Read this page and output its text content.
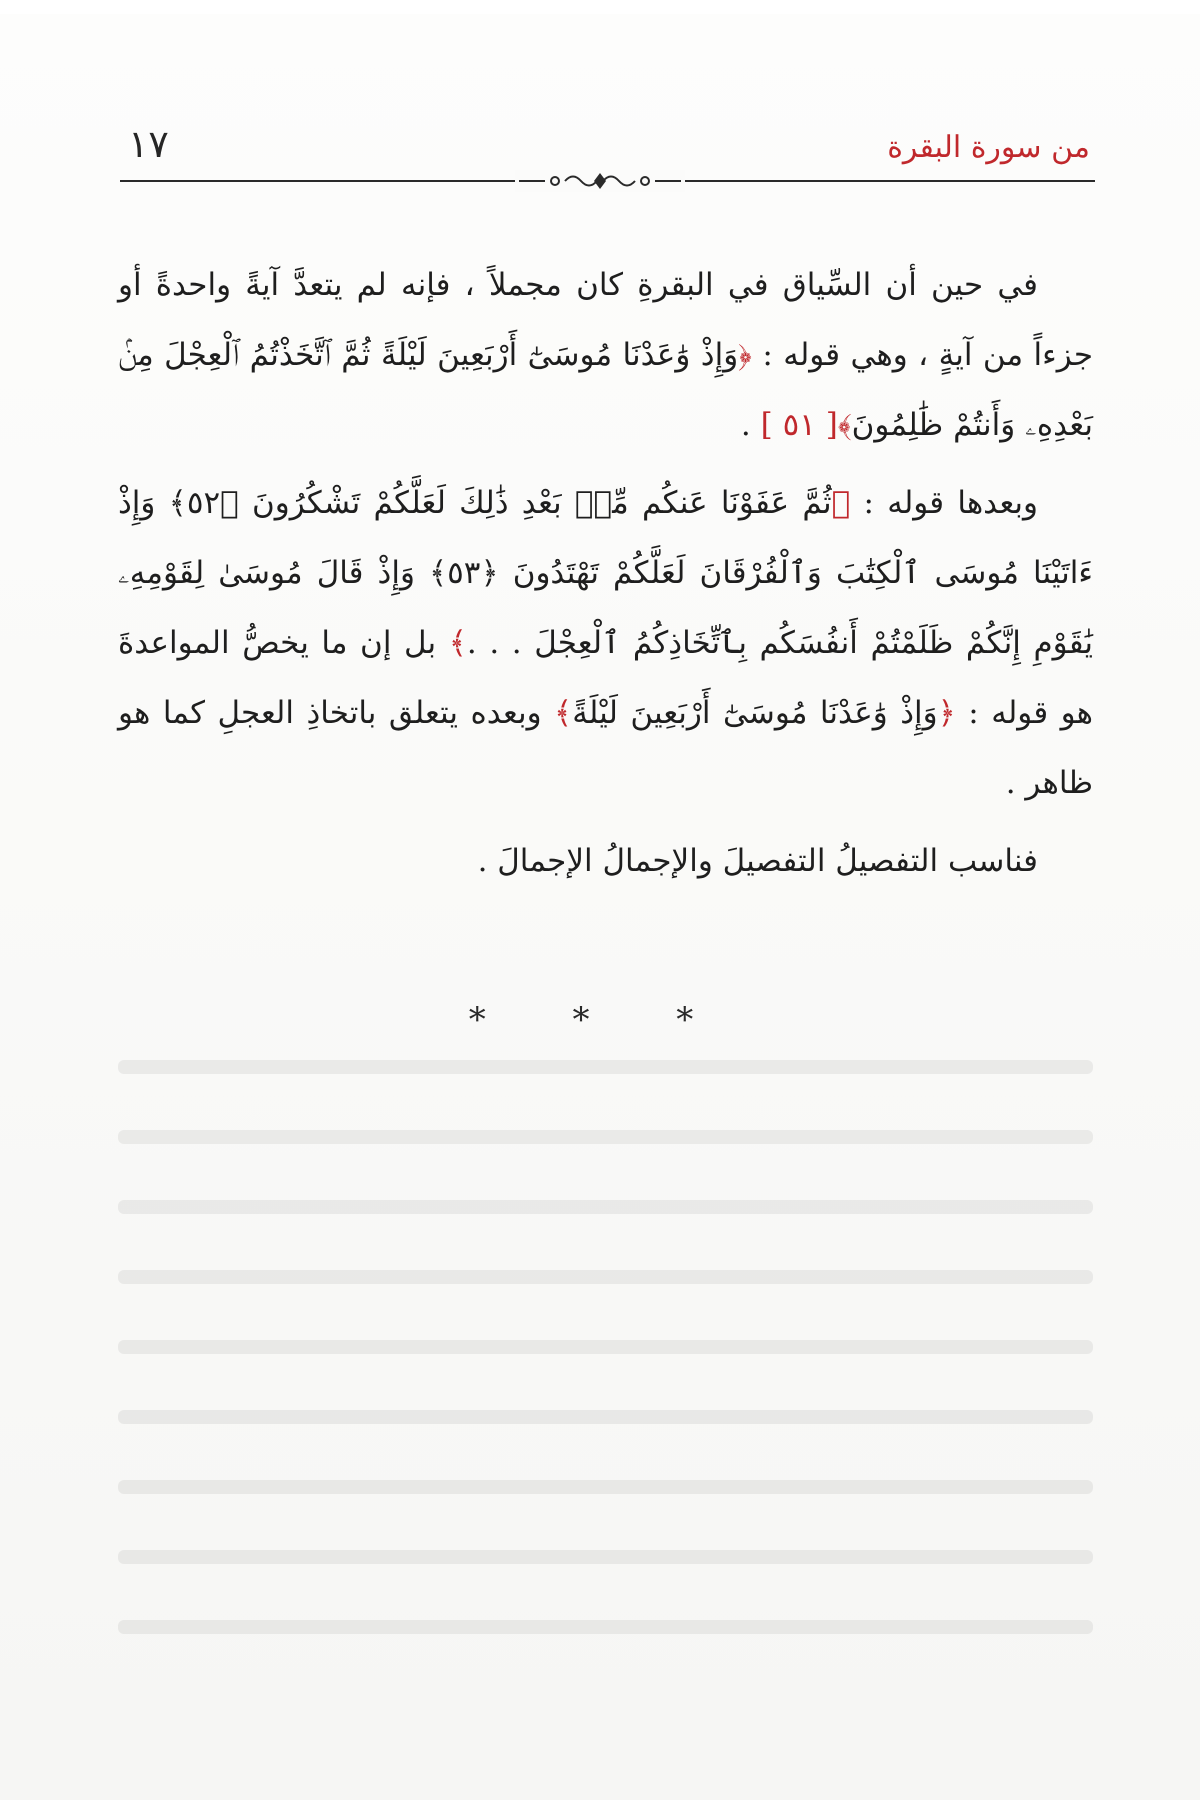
١٧	من سورة البقرة

في حين أن السِّياق في البقرةِ كان مجملاً ، فإنه لم يتعدَّ آيةً واحدةً أو جزءاً من آيةٍ ، وهي قوله : ﴿وَإِذْ وَٰعَدْنَا مُوسَىٰٓ أَرْبَعِينَ لَيْلَةً ثُمَّ ٱتَّخَذْتُمُ ٱلْعِجْلَ مِنۢ بَعْدِهِۦ وَأَنتُمْ ظَٰلِمُونَ﴾[ ٥١ ] .

وبعدها قوله : ﴿ثُمَّ عَفَوْنَا عَنكُم مِّنۢ بَعْدِ ذَٰلِكَ لَعَلَّكُمْ تَشْكُرُونَ ﴿٥٢﴾ وَإِذْ ءَاتَيْنَا مُوسَى ٱلْكِتَٰبَ وَٱلْفُرْقَانَ لَعَلَّكُمْ تَهْتَدُونَ ﴿٥٣﴾ وَإِذْ قَالَ مُوسَىٰ لِقَوْمِهِۦ يَٰقَوْمِ إِنَّكُمْ ظَلَمْتُمْ أَنفُسَكُم بِٱتِّخَاذِكُمُ ٱلْعِجْلَ . . .﴾ بل إن ما يخصُّ المواعدةَ هو قوله : ﴿وَإِذْ وَٰعَدْنَا مُوسَىٰٓ أَرْبَعِينَ لَيْلَةً﴾ وبعده يتعلق باتخاذِ العجلِ كما هو ظاهر .

فناسب التفصيلُ التفصيلَ والإجمالُ الإجمالَ .

* * *
